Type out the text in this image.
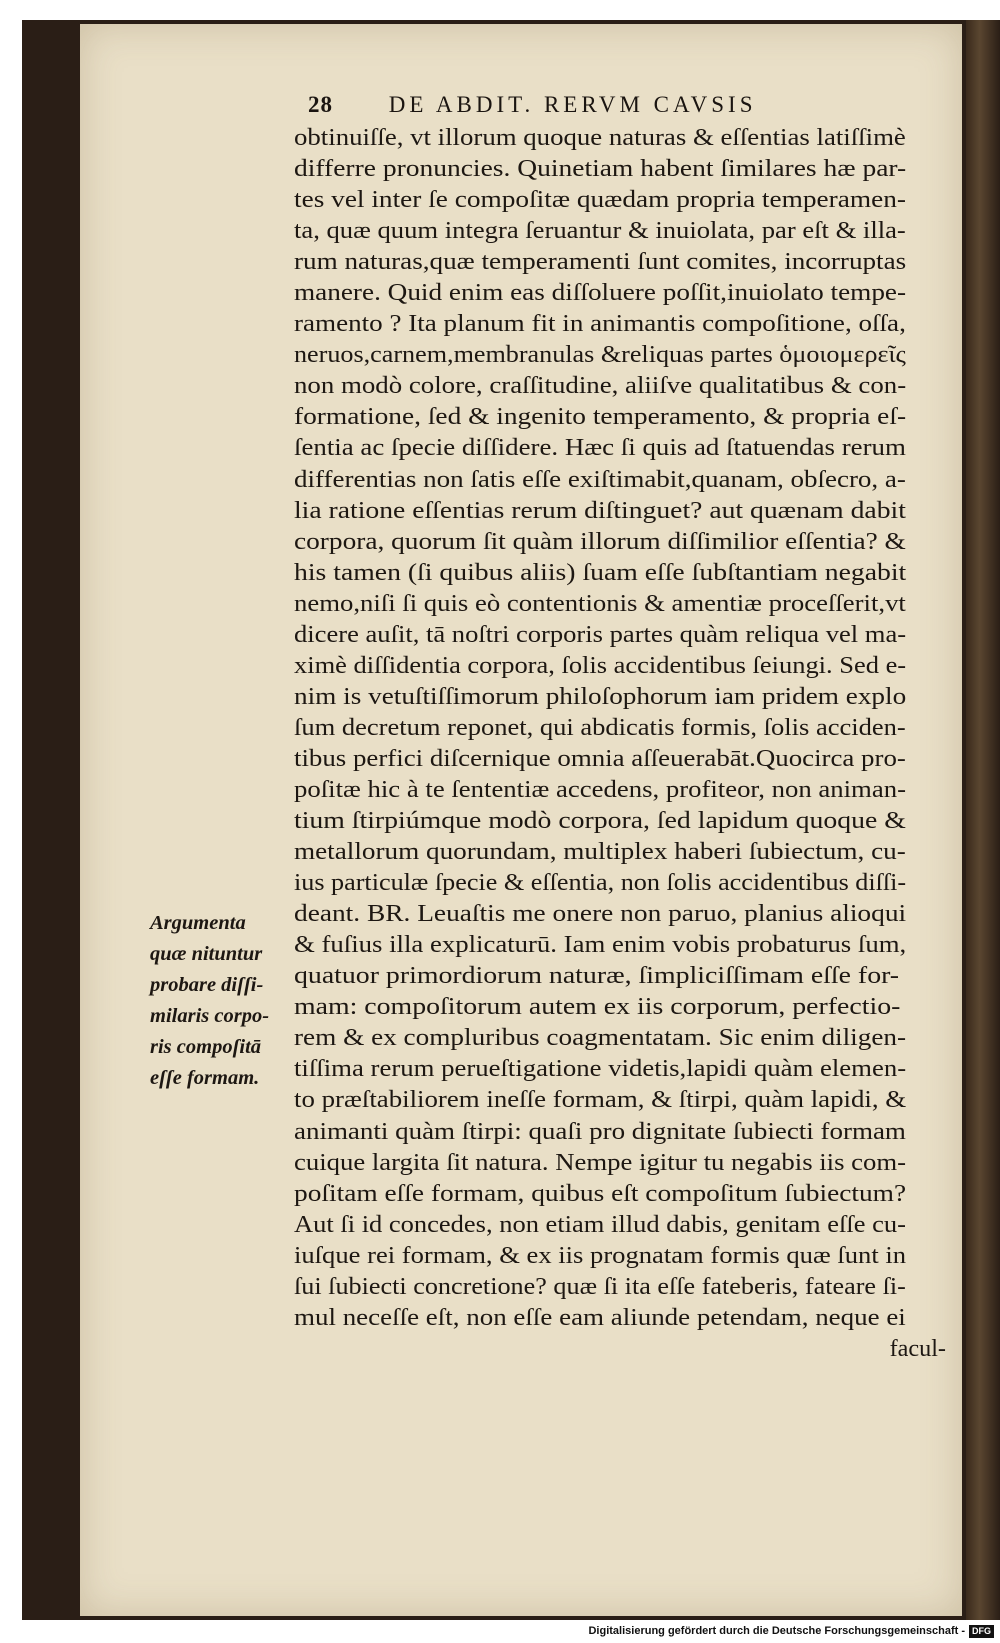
28 DE ABDIT. RERVM CAVSIS
obtinuiſſe, vt illorum quoque naturas & eſſentias latiſſimè
differre pronuncies. Quinetiam habent ſimilares hæ par-
tes vel inter ſe compoſitæ quædam propria temperamen-
ta, quæ quum integra ſeruantur & inuiolata, par eſt & illa-
rum naturas,quæ temperamenti ſunt comites, incorruptas
manere. Quid enim eas diſſoluere poſſit,inuiolato tempe-
ramento ? Ita planum fit in animantis compoſitione, oſſa,
neruos,carnem,membranulas &reliquas partes ὁμοιομερεῖς
non modò colore, craſſitudine, aliiſve qualitatibus & con-
formatione, ſed & ingenito temperamento, & propria eſ-
ſentia ac ſpecie diſſidere. Hæc ſi quis ad ſtatuendas rerum
differentias non ſatis eſſe exiſtimabit,quanam, obſecro, a-
lia ratione eſſentias rerum diſtinguet? aut quænam dabit
corpora, quorum ſit quàm illorum diſſimilior eſſentia? &
his tamen (ſi quibus aliis) ſuam eſſe ſubſtantiam negabit
nemo,niſi ſi quis eò contentionis & amentiæ proceſſerit,vt
dicere auſit, tā noſtri corporis partes quàm reliqua vel ma-
ximè diſſidentia corpora, ſolis accidentibus ſeiungi. Sed e-
nim is vetuſtiſſimorum philoſophorum iam pridem explo
ſum decretum reponet, qui abdicatis formis, ſolis acciden-
tibus perfici diſcernique omnia aſſeuerabāt.Quocirca pro-
poſitæ hic à te ſententiæ accedens, profiteor, non animan-
tium ſtirpiúmque modò corpora, ſed lapidum quoque &
metallorum quorundam, multiplex haberi ſubiectum, cu-
ius particulæ ſpecie & eſſentia, non ſolis accidentibus diſſi-
deant. BR. Leuaſtis me onere non paruo, planius alioqui
& fuſius illa explicaturū. Iam enim vobis probaturus ſum,
quatuor primordiorum naturæ, ſimpliciſſimam eſſe for-
mam: compoſitorum autem ex iis corporum, perfectio-
rem & ex compluribus coagmentatam. Sic enim diligen-
tiſſima rerum perueſtigatione videtis,lapidi quàm elemen-
to præſtabiliorem ineſſe formam, & ſtirpi, quàm lapidi, &
animanti quàm ſtirpi: quaſi pro dignitate ſubiecti formam
cuique largita ſit natura. Nempe igitur tu negabis iis com-
poſitam eſſe formam, quibus eſt compoſitum ſubiectum?
Aut ſi id concedes, non etiam illud dabis, genitam eſſe cu-
iuſque rei formam, & ex iis prognatam formis quæ ſunt in
ſui ſubiecti concretione? quæ ſi ita eſſe fateberis, fateare ſi-
mul neceſſe eſt, non eſſe eam aliunde petendam, neque ei
facul-
Argumenta
quæ nituntur
probare diſſi-
milaris corpo-
ris compoſitā
eſſe formam.
Digitalisierung gefördert durch die Deutsche Forschungsgemeinschaft - DFG
